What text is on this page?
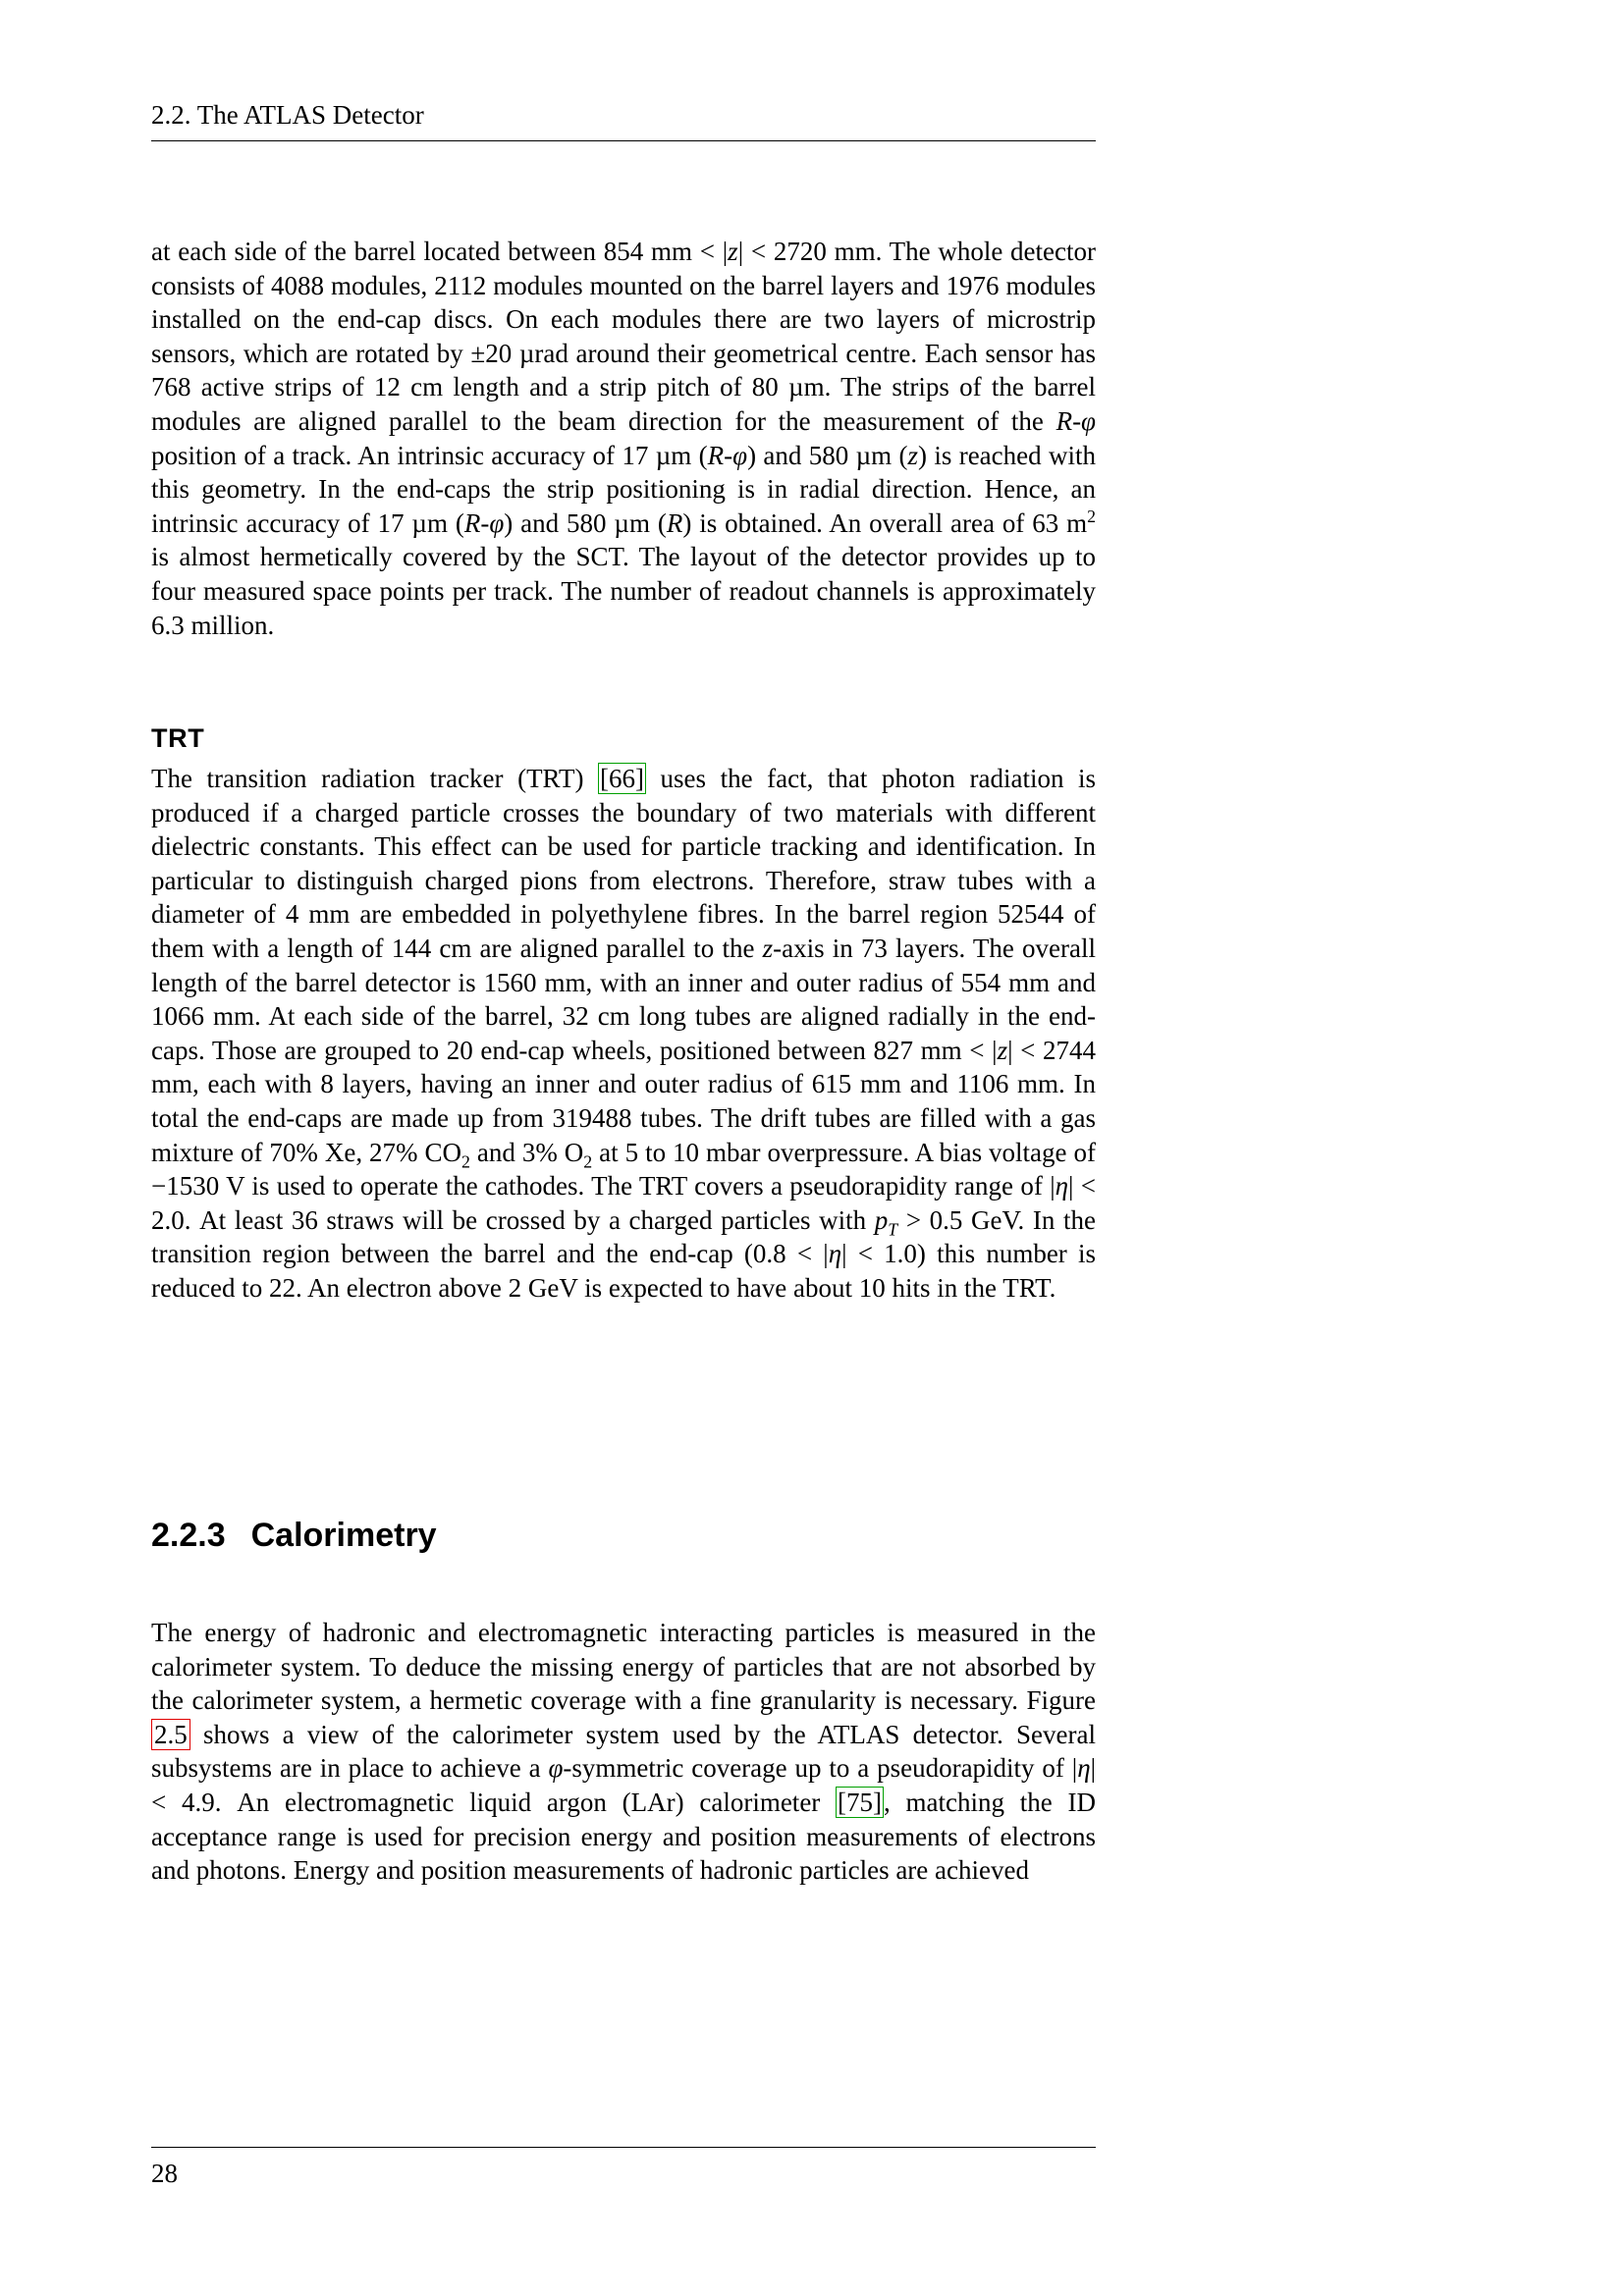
2.2. The ATLAS Detector
at each side of the barrel located between 854 mm < |z| < 2720 mm. The whole detector consists of 4088 modules, 2112 modules mounted on the barrel layers and 1976 modules installed on the end-cap discs. On each modules there are two layers of microstrip sensors, which are rotated by ±20 µrad around their geometrical centre. Each sensor has 768 active strips of 12 cm length and a strip pitch of 80 µm. The strips of the barrel modules are aligned parallel to the beam direction for the measurement of the R-φ position of a track. An intrinsic accuracy of 17 µm (R-φ) and 580 µm (z) is reached with this geometry. In the end-caps the strip positioning is in radial direction. Hence, an intrinsic accuracy of 17 µm (R-φ) and 580 µm (R) is obtained. An overall area of 63 $m^2$ is almost hermetically covered by the SCT. The layout of the detector provides up to four measured space points per track. The number of readout channels is approximately 6.3 million.
TRT
The transition radiation tracker (TRT) [66] uses the fact, that photon radiation is produced if a charged particle crosses the boundary of two materials with different dielectric constants. This effect can be used for particle tracking and identification. In particular to distinguish charged pions from electrons. Therefore, straw tubes with a diameter of 4 mm are embedded in polyethylene fibres. In the barrel region 52544 of them with a length of 144 cm are aligned parallel to the z-axis in 73 layers. The overall length of the barrel detector is 1560 mm, with an inner and outer radius of 554 mm and 1066 mm. At each side of the barrel, 32 cm long tubes are aligned radially in the end-caps. Those are grouped to 20 end-cap wheels, positioned between 827 mm < |z| < 2744 mm, each with 8 layers, having an inner and outer radius of 615 mm and 1106 mm. In total the end-caps are made up from 319488 tubes. The drift tubes are filled with a gas mixture of 70% Xe, 27% $CO_2$ and 3% $O_2$ at 5 to 10 mbar overpressure. A bias voltage of −1530 V is used to operate the cathodes. The TRT covers a pseudorapidity range of |η| < 2.0. At least 36 straws will be crossed by a charged particles with $p_T > 0.5$ GeV. In the transition region between the barrel and the end-cap (0.8 < |η| < 1.0) this number is reduced to 22. An electron above 2 GeV is expected to have about 10 hits in the TRT.
2.2.3 Calorimetry
The energy of hadronic and electromagnetic interacting particles is measured in the calorimeter system. To deduce the missing energy of particles that are not absorbed by the calorimeter system, a hermetic coverage with a fine granularity is necessary. Figure 2.5 shows a view of the calorimeter system used by the ATLAS detector. Several subsystems are in place to achieve a φ-symmetric coverage up to a pseudorapidity of |η| < 4.9. An electromagnetic liquid argon (LAr) calorimeter [75], matching the ID acceptance range is used for precision energy and position measurements of electrons and photons. Energy and position measurements of hadronic particles are achieved
28
